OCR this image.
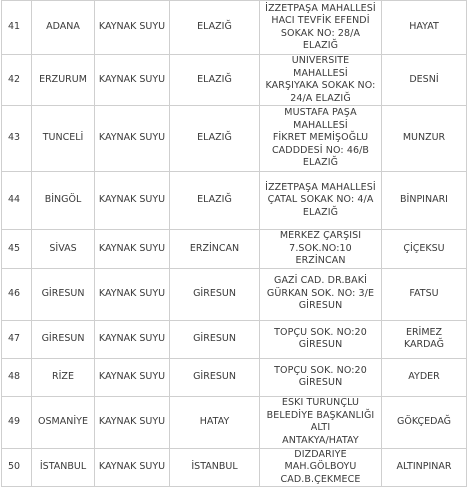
41	ADANA	KAYNAK SUYU	ELAZIĞ	İZZETPAŞA MAHALLESİ
HACI TEVFİK EFENDİ
SOKAK NO: 28/A ELAZIĞ	HAYAT
42	ERZURUM	KAYNAK SUYU	ELAZIĞ	ÜNİVERSİTE MAHALLESİ
KARŞIYAKA SOKAK NO:
24/A ELAZIĞ	DESNİ
43	TUNCELİ	KAYNAK SUYU	ELAZIĞ	MUSTAFA PAŞA MAHALLESİ
FİKRET MEMİŞOĞLU
CADDDESİ NO: 46/B
ELAZIĞ	MUNZUR
44	BİNGÖL	KAYNAK SUYU	ELAZIĞ	İZZETPAŞA MAHALLESİ
ÇATAL SOKAK NO: 4/A
ELAZIĞ	BİNPINARI
45	SİVAS	KAYNAK SUYU	ERZİNCAN	MERKEZ ÇARŞISI
7.SOK.NO:10 ERZİNCAN	ÇİÇEKSU
46	GİRESUN	KAYNAK SUYU	GİRESUN	GAZİ CAD. DR.BAKİ
GÜRKAN SOK. NO: 3/E
GİRESUN	FATSU
47	GİRESUN	KAYNAK SUYU	GİRESUN	TOPÇU SOK. NO:20
GİRESUN	ERİMEZ
KARDAĞ
48	RİZE	KAYNAK SUYU	GİRESUN	TOPÇU SOK. NO:20
GİRESUN	AYDER
49	OSMANİYE	KAYNAK SUYU	HATAY	ESKİ TURUNÇLU
BELEDİYE BAŞKANLIĞI ALTI
ANTAKYA/HATAY	GÖKÇEDAĞ
50	İSTANBUL	KAYNAK SUYU	İSTANBUL	DİZDARİYE MAH.GÖLBOYU
CAD.B.ÇEKMECE	ALTINPINAR
